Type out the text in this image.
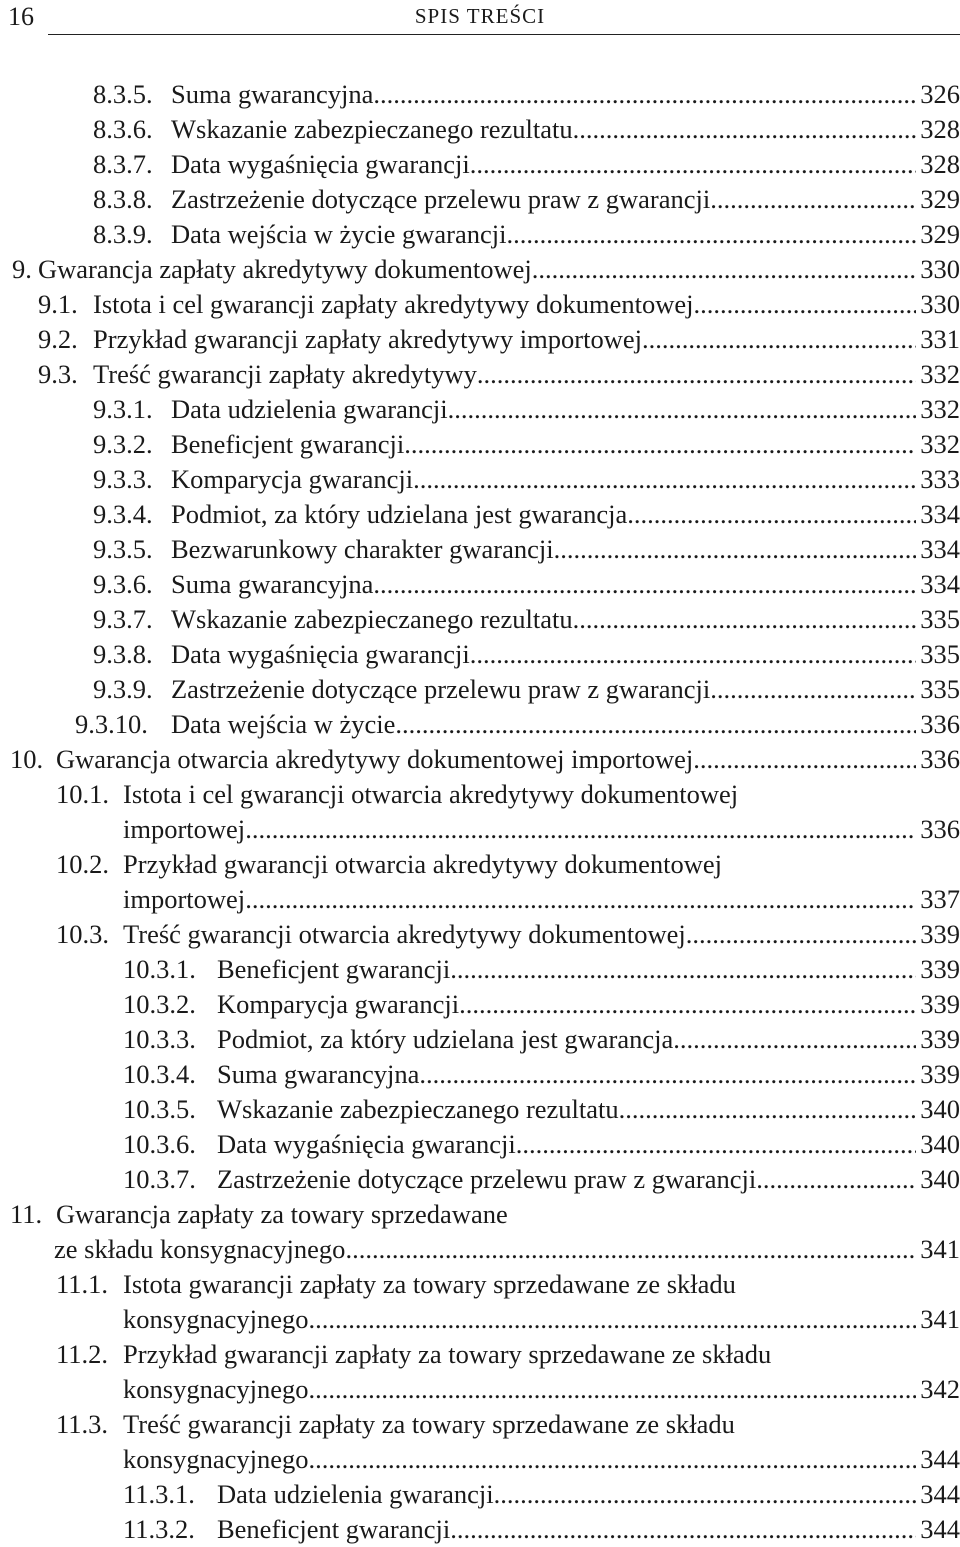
16	SPIS TREŚCI
8.3.5. Suma gwarancyjna .....	326
8.3.6. Wskazanie zabezpieczanego rezultatu .....	328
8.3.7. Data wygaśnięcia gwarancji .....	328
8.3.8. Zastrzeżenie dotyczące przelewu praw z gwarancji .....	329
8.3.9. Data wejścia w życie gwarancji .....	329
9. Gwarancja zapłaty akredytywy dokumentowej .....	330
9.1. Istota i cel gwarancji zapłaty akredytywy dokumentowej .....	330
9.2. Przykład gwarancji zapłaty akredytywy importowej .....	331
9.3. Treść gwarancji zapłaty akredytywy .....	332
9.3.1. Data udzielenia gwarancji .....	332
9.3.2. Beneficjent gwarancji .....	332
9.3.3. Komparycja gwarancji .....	333
9.3.4. Podmiot, za który udzielana jest gwarancja .....	334
9.3.5. Bezwarunkowy charakter gwarancji .....	334
9.3.6. Suma gwarancyjna .....	334
9.3.7. Wskazanie zabezpieczanego rezultatu .....	335
9.3.8. Data wygaśnięcia gwarancji .....	335
9.3.9. Zastrzeżenie dotyczące przelewu praw z gwarancji .....	335
9.3.10. Data wejścia w życie .....	336
10. Gwarancja otwarcia akredytywy dokumentowej importowej .....	336
10.1. Istota i cel gwarancji otwarcia akredytywy dokumentowej
importowej .....	336
10.2. Przykład gwarancji otwarcia akredytywy dokumentowej
importowej .....	337
10.3. Treść gwarancji otwarcia akredytywy dokumentowej .....	339
10.3.1. Beneficjent gwarancji .....	339
10.3.2. Komparycja gwarancji .....	339
10.3.3. Podmiot, za który udzielana jest gwarancja .....	339
10.3.4. Suma gwarancyjna .....	339
10.3.5. Wskazanie zabezpieczanego rezultatu .....	340
10.3.6. Data wygaśnięcia gwarancji .....	340
10.3.7. Zastrzeżenie dotyczące przelewu praw z gwarancji .....	340
11. Gwarancja zapłaty za towary sprzedawane
ze składu konsygnacyjnego .....	341
11.1. Istota gwarancji zapłaty za towary sprzedawane ze składu
konsygnacyjnego .....	341
11.2. Przykład gwarancji zapłaty za towary sprzedawane ze składu
konsygnacyjnego .....	342
11.3. Treść gwarancji zapłaty za towary sprzedawane ze składu
konsygnacyjnego .....	344
11.3.1. Data udzielenia gwarancji .....	344
11.3.2. Beneficjent gwarancji .....	344
